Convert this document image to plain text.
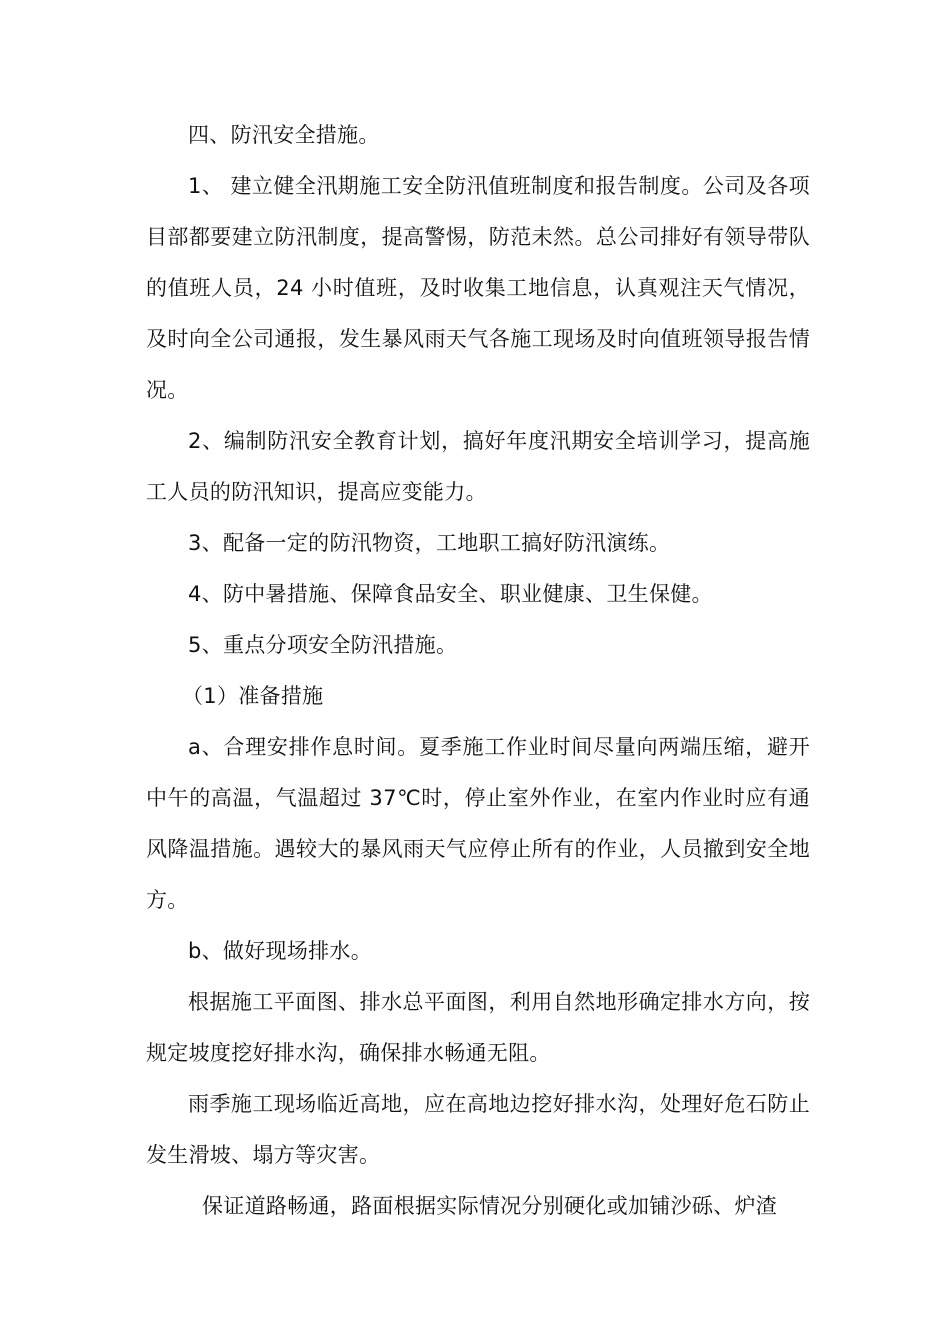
四、防汛安全措施。

1、 建立健全汛期施工安全防汛值班制度和报告制度。公司及各项目部都要建立防汛制度，提高警惕，防范未然。总公司排好有领导带队的值班人员，24 小时值班，及时收集工地信息，认真观注天气情况，及时向全公司通报，发生暴风雨天气各施工现场及时向值班领导报告情况。

2、编制防汛安全教育计划，搞好年度汛期安全培训学习，提高施工人员的防汛知识，提高应变能力。

3、配备一定的防汛物资，工地职工搞好防汛演练。

4、防中暑措施、保障食品安全、职业健康、卫生保健。

5、重点分项安全防汛措施。

（1）准备措施

a、合理安排作息时间。夏季施工作业时间尽量向两端压缩，避开中午的高温，气温超过 37℃时，停止室外作业，在室内作业时应有通风降温措施。遇较大的暴风雨天气应停止所有的作业，人员撤到安全地方。

b、做好现场排水。

根据施工平面图、排水总平面图，利用自然地形确定排水方向，按规定坡度挖好排水沟，确保排水畅通无阻。

雨季施工现场临近高地，应在高地边挖好排水沟，处理好危石防止发生滑坡、塌方等灾害。

保证道路畅通，路面根据实际情况分别硬化或加铺沙砾、炉渣
